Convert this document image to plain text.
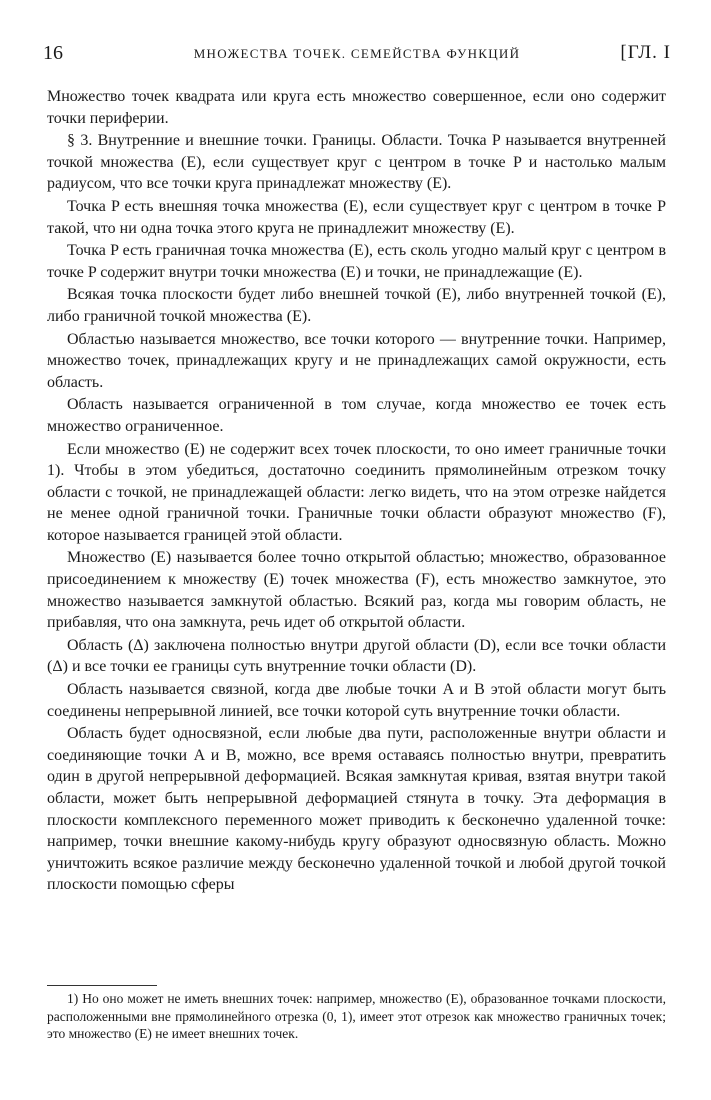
16	МНОЖЕСТВА ТОЧЕК. СЕМЕЙСТВА ФУНКЦИЙ	[ГЛ. I

Множество точек квадрата или круга есть множество совершенное, если оно содержит точки периферии.

§ 3. Внутренние и внешние точки. Границы. Области. Точка P называется внутренней точкой множества (E), если существует круг с центром в точке P и настолько малым радиусом, что все точки круга принадлежат множеству (E).

Точка P есть внешняя точка множества (E), если существует круг с центром в точке P такой, что ни одна точка этого круга не принадлежит множеству (E).

Точка P есть граничная точка множества (E), есть сколь угодно малый круг с центром в точке P содержит внутри точки множества (E) и точки, не принадлежащие (E).

Всякая точка плоскости будет либо внешней точкой (E), либо внутренней точкой (E), либо граничной точкой множества (E).

Областью называется множество, все точки которого — внутренние точки. Например, множество точек, принадлежащих кругу и не принадлежащих самой окружности, есть область.

Область называется ограниченной в том случае, когда множество ее точек есть множество ограниченное.

Если множество (E) не содержит всех точек плоскости, то оно имеет граничные точки 1). Чтобы в этом убедиться, достаточно соединить прямолинейным отрезком точку области с точкой, не принадлежащей области: легко видеть, что на этом отрезке найдется не менее одной граничной точки. Граничные точки области образуют множество (F), которое называется границей этой области.

Множество (E) называется более точно открытой областью; множество, образованное присоединением к множеству (E) точек множества (F), есть множество замкнутое, это множество называется замкнутой областью. Всякий раз, когда мы говорим область, не прибавляя, что она замкнута, речь идет об открытой области.

Область (Δ) заключена полностью внутри другой области (D), если все точки области (Δ) и все точки ее границы суть внутренние точки области (D).

Область называется связной, когда две любые точки A и B этой области могут быть соединены непрерывной линией, все точки которой суть внутренние точки области.

Область будет односвязной, если любые два пути, расположенные внутри области и соединяющие точки A и B, можно, все время оставаясь полностью внутри, превратить один в другой непрерывной деформацией. Всякая замкнутая кривая, взятая внутри такой области, может быть непрерывной деформацией стянута в точку. Эта деформация в плоскости комплексного переменного может приводить к бесконечно удаленной точке: например, точки внешние какому-нибудь кругу образуют односвязную область. Можно уничтожить всякое различие между бесконечно удаленной точкой и любой другой точкой плоскости помощью сферы

1) Но оно может не иметь внешних точек: например, множество (E), образованное точками плоскости, расположенными вне прямолинейного отрезка (0, 1), имеет этот отрезок как множество граничных точек; это множество (E) не имеет внешних точек.
